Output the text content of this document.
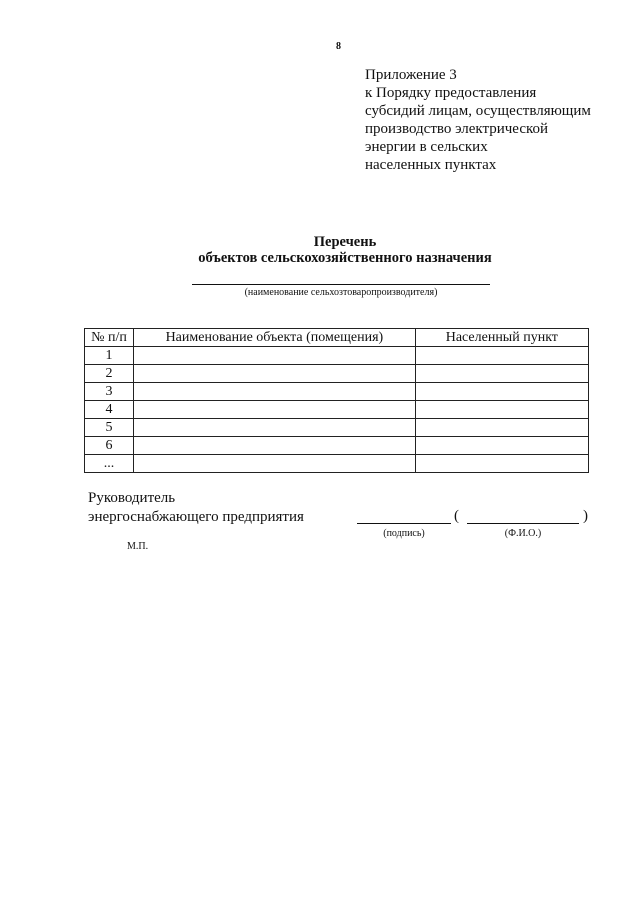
8
Приложение 3
к Порядку предоставления
субсидий лицам, осуществляющим
производство электрической
энергии в сельских
населенных пунктах
Перечень
объектов сельскохозяйственного назначения
(наименование сельхозтоваропроизводителя)
№ п/п	Наименование объекта (помещения)	Населенный пункт
1		
2		
3		
4		
5		
6		
...		
Руководитель
энергоснабжающего предприятия	(	)
(подпись)	(Ф.И.О.)
М.П.
